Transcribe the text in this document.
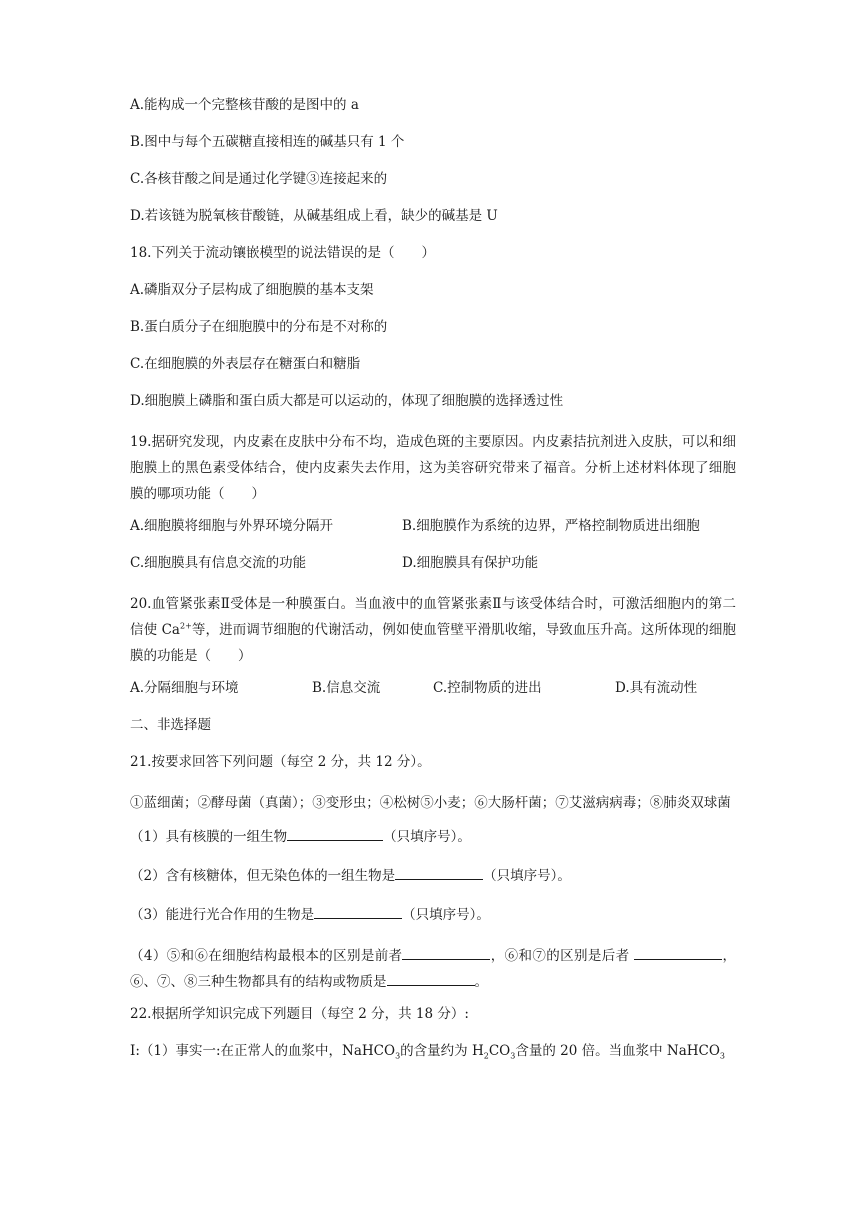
A.能构成一个完整核苷酸的是图中的 a
B.图中与每个五碳糖直接相连的碱基只有 1 个
C.各核苷酸之间是通过化学键③连接起来的
D.若该链为脱氧核苷酸链，从碱基组成上看，缺少的碱基是 U
18.下列关于流动镶嵌模型的说法错误的是（　　）
A.磷脂双分子层构成了细胞膜的基本支架
B.蛋白质分子在细胞膜中的分布是不对称的
C.在细胞膜的外表层存在糖蛋白和糖脂
D.细胞膜上磷脂和蛋白质大都是可以运动的，体现了细胞膜的选择透过性
19.据研究发现，内皮素在皮肤中分布不均，造成色斑的主要原因。内皮素拮抗剂进入皮肤，可以和细胞膜上的黑色素受体结合，使内皮素失去作用，这为美容研究带来了福音。分析上述材料体现了细胞膜的哪项功能（　　）
A.细胞膜将细胞与外界环境分隔开	B.细胞膜作为系统的边界，严格控制物质进出细胞
C.细胞膜具有信息交流的功能	D.细胞膜具有保护功能
20.血管紧张素Ⅱ受体是一种膜蛋白。当血液中的血管紧张素Ⅱ与该受体结合时，可激活细胞内的第二信使 $Ca^{2+}$等，进而调节细胞的代谢活动，例如使血管壁平滑肌收缩，导致血压升高。这所体现的细胞膜的功能是（　　）
A.分隔细胞与环境	B.信息交流	C.控制物质的进出	D.具有流动性
二、非选择题
21.按要求回答下列问题（每空 2 分，共 12 分）。
①蓝细菌；②酵母菌（真菌）；③变形虫；④松树⑤小麦；⑥大肠杆菌；⑦艾滋病病毒；⑧肺炎双球菌
（1）具有核膜的一组生物	（只填序号）。
（2）含有核糖体，但无染色体的一组生物是	（只填序号）。
（3）能进行光合作用的生物是	（只填序号）。
（4）⑤和⑥在细胞结构最根本的区别是前者	，⑥和⑦的区别是后者	，⑥、⑦、⑧三种生物都具有的结构或物质是	。
22.根据所学知识完成下列题目（每空 2 分，共 18 分）:
I:（1）事实一:在正常人的血浆中，NaHCO$_3$的含量约为 $H_2CO_3$含量的 20 倍。当血浆中 NaHCO$_3$
